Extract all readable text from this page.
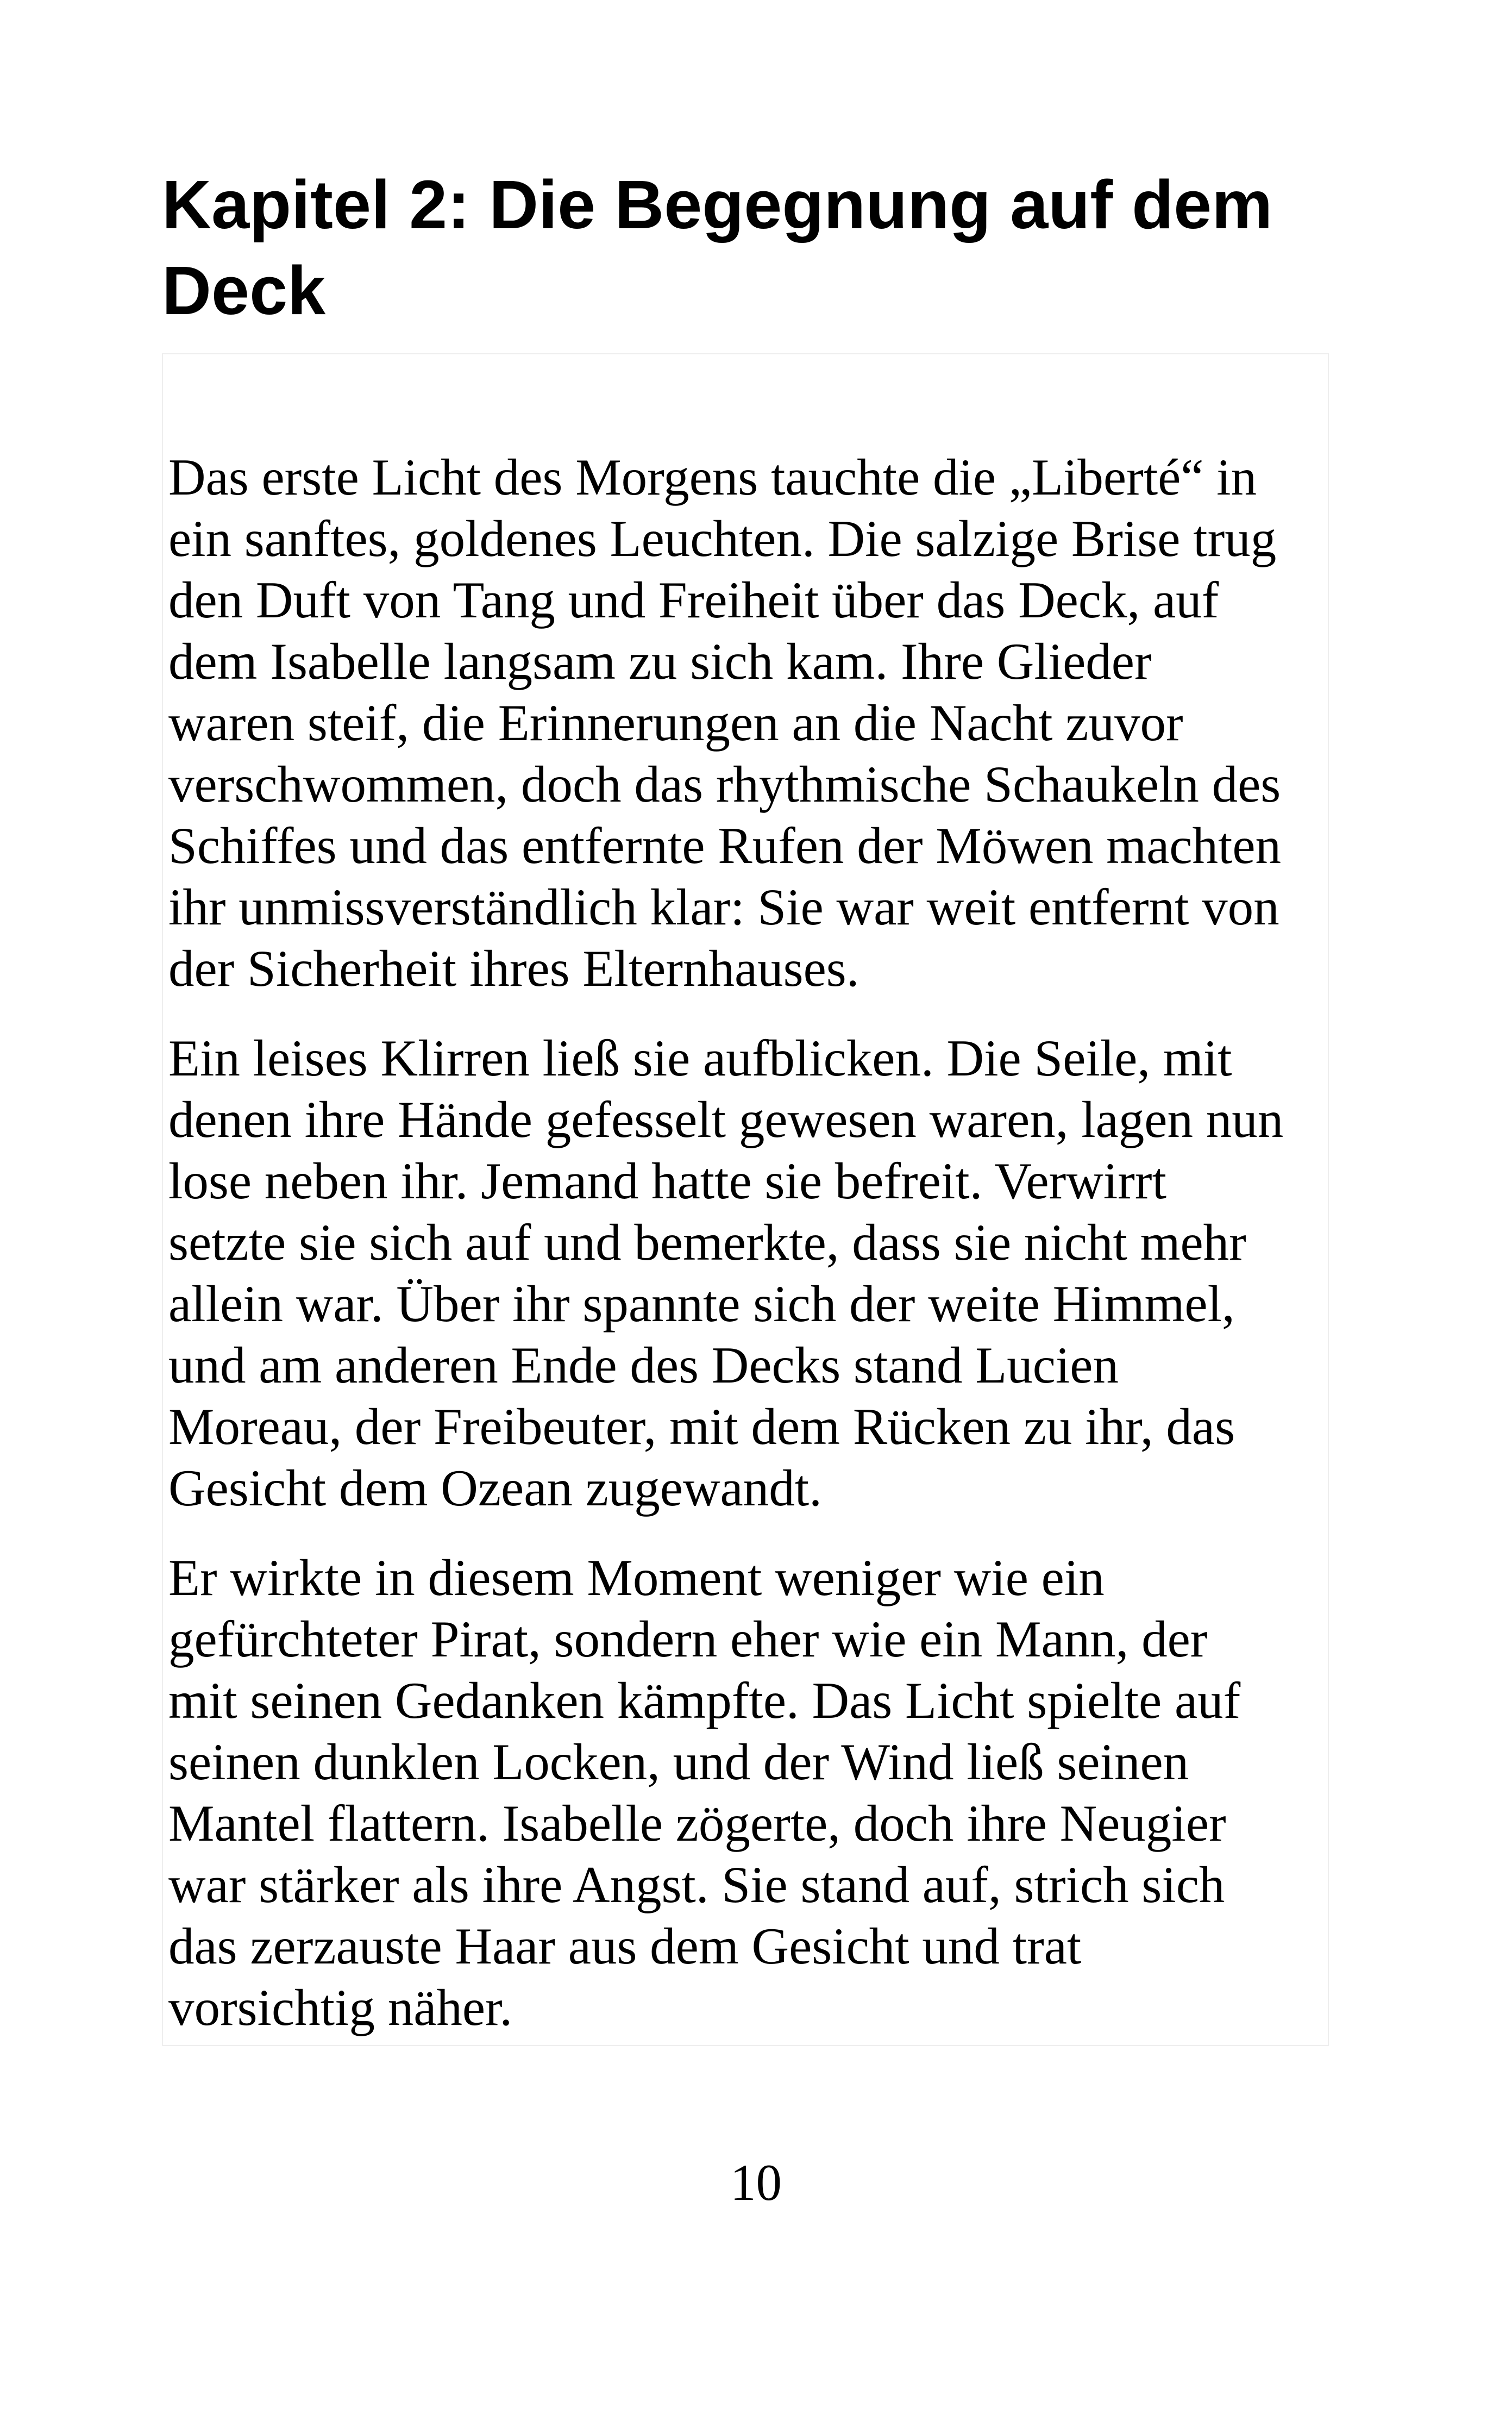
Kapitel 2: Die Begegnung auf dem
Deck

Das erste Licht des Morgens tauchte die „Liberté“ in
ein sanftes, goldenes Leuchten. Die salzige Brise trug
den Duft von Tang und Freiheit über das Deck, auf
dem Isabelle langsam zu sich kam. Ihre Glieder
waren steif, die Erinnerungen an die Nacht zuvor
verschwommen, doch das rhythmische Schaukeln des
Schiffes und das entfernte Rufen der Möwen machten
ihr unmissverständlich klar: Sie war weit entfernt von
der Sicherheit ihres Elternhauses.

Ein leises Klirren ließ sie aufblicken. Die Seile, mit
denen ihre Hände gefesselt gewesen waren, lagen nun
lose neben ihr. Jemand hatte sie befreit. Verwirrt
setzte sie sich auf und bemerkte, dass sie nicht mehr
allein war. Über ihr spannte sich der weite Himmel,
und am anderen Ende des Decks stand Lucien
Moreau, der Freibeuter, mit dem Rücken zu ihr, das
Gesicht dem Ozean zugewandt.

Er wirkte in diesem Moment weniger wie ein
gefürchteter Pirat, sondern eher wie ein Mann, der
mit seinen Gedanken kämpfte. Das Licht spielte auf
seinen dunklen Locken, und der Wind ließ seinen
Mantel flattern. Isabelle zögerte, doch ihre Neugier
war stärker als ihre Angst. Sie stand auf, strich sich
das zerzauste Haar aus dem Gesicht und trat
vorsichtig näher.

10
